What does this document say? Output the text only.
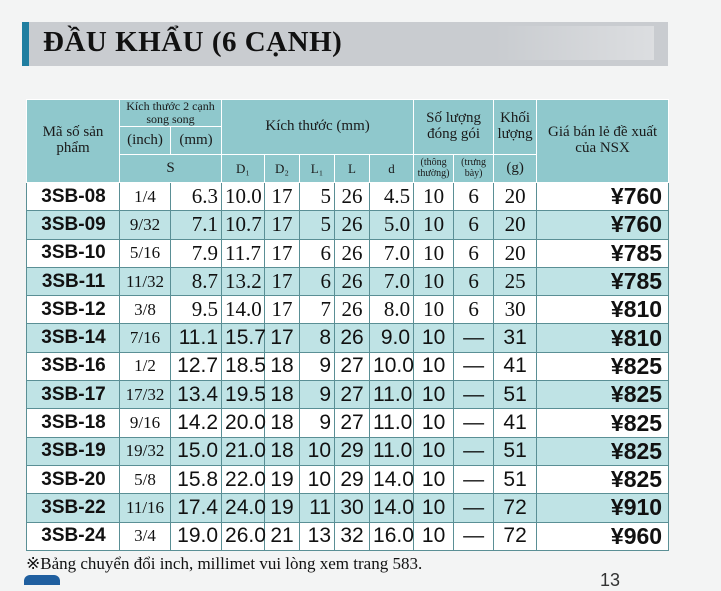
ĐẦU KHẨU (6 CẠNH)
Mã số sản phẩm	Kích thước 2 cạnh song song		Kích thước (mm)					Số lượng đóng gói		Khối lượng	Giá bán lẻ đề xuất của NSX
	(inch)	(mm)									
	S		D₁	D₂	L₁	L	d	(thông thường)	(trưng bày)	(g)	
3SB-08	1/4	6.3	10.0	17	5	26	4.5	10	6	20	¥760
3SB-09	9/32	7.1	10.7	17	5	26	5.0	10	6	20	¥760
3SB-10	5/16	7.9	11.7	17	6	26	7.0	10	6	20	¥785
3SB-11	11/32	8.7	13.2	17	6	26	7.0	10	6	25	¥785
3SB-12	3/8	9.5	14.0	17	7	26	8.0	10	6	30	¥810
3SB-14	7/16	11.1	15.7	17	8	26	9.0	10	—	31	¥810
3SB-16	1/2	12.7	18.5	18	9	27	10.0	10	—	41	¥825
3SB-17	17/32	13.4	19.5	18	9	27	11.0	10	—	51	¥825
3SB-18	9/16	14.2	20.0	18	9	27	11.0	10	—	41	¥825
3SB-19	19/32	15.0	21.0	18	10	29	11.0	10	—	51	¥825
3SB-20	5/8	15.8	22.0	19	10	29	14.0	10	—	51	¥825
3SB-22	11/16	17.4	24.0	19	11	30	14.0	10	—	72	¥910
3SB-24	3/4	19.0	26.0	21	13	32	16.0	10	—	72	¥960
※Bảng chuyển đổi inch, millimet vui lòng xem trang 583.
13
